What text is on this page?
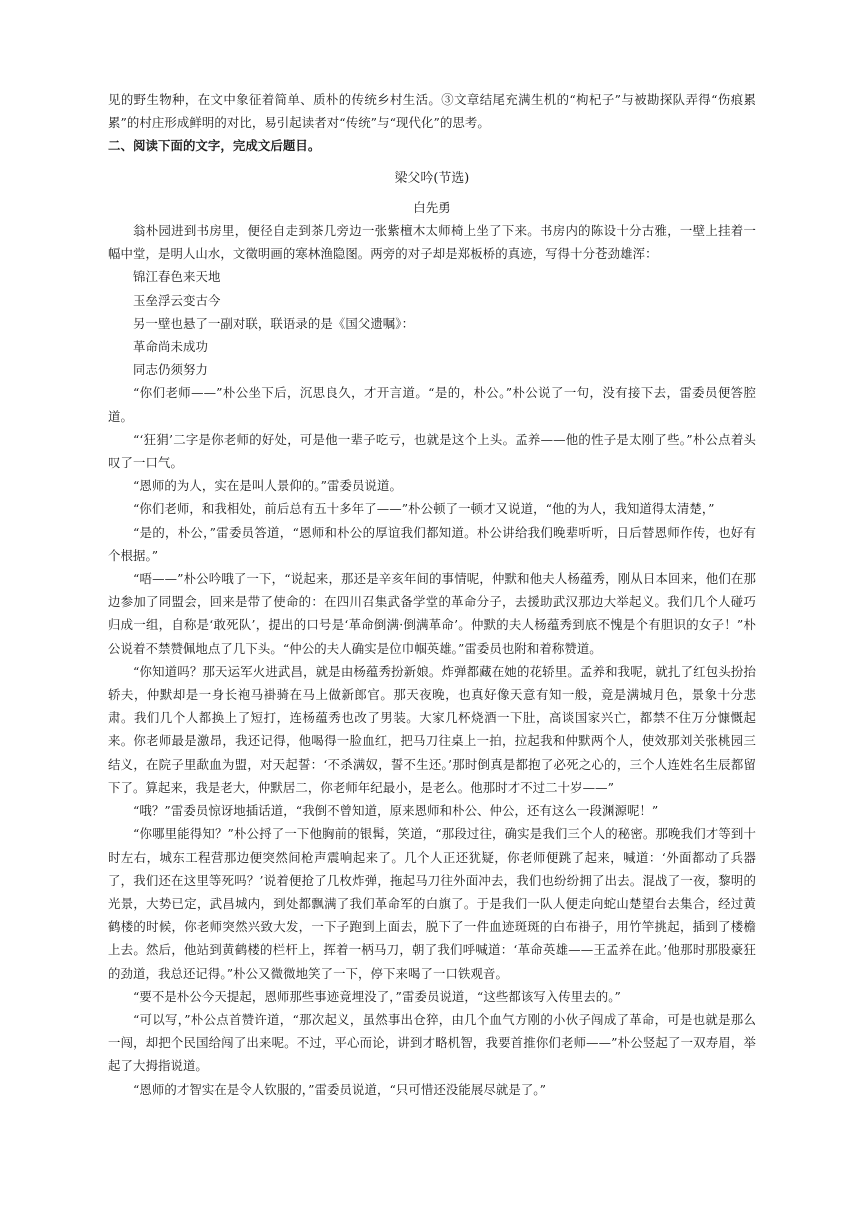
见的野生物种，在文中象征着简单、质朴的传统乡村生活。③文章结尾充满生机的“枸杞子”与被勘探队弄得“伤痕累累”的村庄形成鲜明的对比，易引起读者对“传统”与“现代化”的思考。

二、阅读下面的文字，完成文后题目。

梁父吟(节选)

白先勇

翁朴园进到书房里，便径自走到茶几旁边一张紫檀木太师椅上坐了下来。书房内的陈设十分古雅，一壁上挂着一幅中堂，是明人山水，文徵明画的寒林渔隐图。两旁的对子却是郑板桥的真迹，写得十分苍劲雄浑：

锦江春色来天地

玉垒浮云变古今

另一壁也悬了一副对联，联语录的是《国父遗嘱》：

革命尚未成功

同志仍须努力

“你们老师——”朴公坐下后，沉思良久，才开言道。“是的，朴公。”朴公说了一句，没有接下去，雷委员便答腔道。

“‘狂狷’二字是你老师的好处，可是他一辈子吃亏，也就是这个上头。孟养——他的性子是太刚了些。”朴公点着头叹了一口气。

“恩师的为人，实在是叫人景仰的。”雷委员说道。

“你们老师，和我相处，前后总有五十多年了——”朴公顿了一顿才又说道，“他的为人，我知道得太清楚，”

“是的，朴公，”雷委员答道，“恩师和朴公的厚谊我们都知道。朴公讲给我们晚辈听听，日后替恩师作传，也好有个根据。”

“唔——”朴公吟哦了一下，“说起来，那还是辛亥年间的事情呢，仲默和他夫人杨蕴秀，刚从日本回来，他们在那边参加了同盟会，回来是带了使命的：在四川召集武备学堂的革命分子，去援助武汉那边大举起义。我们几个人碰巧归成一组，自称是‘敢死队’，提出的口号是‘革命倒满·倒满革命’。仲默的夫人杨蕴秀到底不愧是个有胆识的女子！”朴公说着不禁赞佩地点了几下头。“仲公的夫人确实是位巾帼英雄。”雷委员也附和着称赞道。

“你知道吗？那天运军火进武昌，就是由杨蕴秀扮新娘。炸弹都藏在她的花轿里。孟养和我呢，就扎了红包头扮抬轿夫，仲默却是一身长袍马褂骑在马上做新郎官。那天夜晚，也真好像天意有知一般，竟是满城月色，景象十分悲肃。我们几个人都换上了短打，连杨蕴秀也改了男装。大家几杯烧酒一下肚，高谈国家兴亡，都禁不住万分慷慨起来。你老师最是激昂，我还记得，他喝得一脸血红，把马刀往桌上一拍，拉起我和仲默两个人，使效那刘关张桃园三结义，在院子里歃血为盟，对天起誓：‘不杀满奴，誓不生还。’那时倒真是都抱了必死之心的，三个人连姓名生辰都留下了。算起来，我是老大，仲默居二，你老师年纪最小，是老么。他那时才不过二十岁——”

“哦？”雷委员惊讶地插话道，“我倒不曾知道，原来恩师和朴公、仲公，还有这么一段渊源呢！”

“你哪里能得知？”朴公捋了一下他胸前的银髯，笑道，“那段过往，确实是我们三个人的秘密。那晚我们才等到十时左右，城东工程营那边便突然间枪声震响起来了。几个人正还犹疑，你老师便跳了起来，喊道：‘外面都动了兵器了，我们还在这里等死吗？’说着便抢了几枚炸弹，拖起马刀往外面冲去，我们也纷纷拥了出去。混战了一夜，黎明的光景，大势已定，武昌城内，到处都飘满了我们革命军的白旗了。于是我们一队人便走向蛇山楚望台去集合，经过黄鹤楼的时候，你老师突然兴致大发，一下子跑到上面去，脱下了一件血迹斑斑的白布褂子，用竹竿挑起，插到了楼檐上去。然后，他站到黄鹤楼的栏杆上，挥着一柄马刀，朝了我们呼喊道：‘革命英雄——王孟养在此。’他那时那股豪狂的劲道，我总还记得。”朴公又微微地笑了一下，停下来喝了一口铁观音。

“要不是朴公今天提起，恩师那些事迹竟埋没了，”雷委员说道，“这些都该写入传里去的。”

“可以写，”朴公点首赞许道，“那次起义，虽然事出仓猝，由几个血气方刚的小伙子闯成了革命，可是也就是那么一闯，却把个民国给闯了出来呢。不过，平心而论，讲到才略机智，我要首推你们老师——”朴公竖起了一双寿眉，举起了大拇指说道。

“恩师的才智实在是令人钦服的，”雷委员说道，“只可惜还没能展尽就是了。”
